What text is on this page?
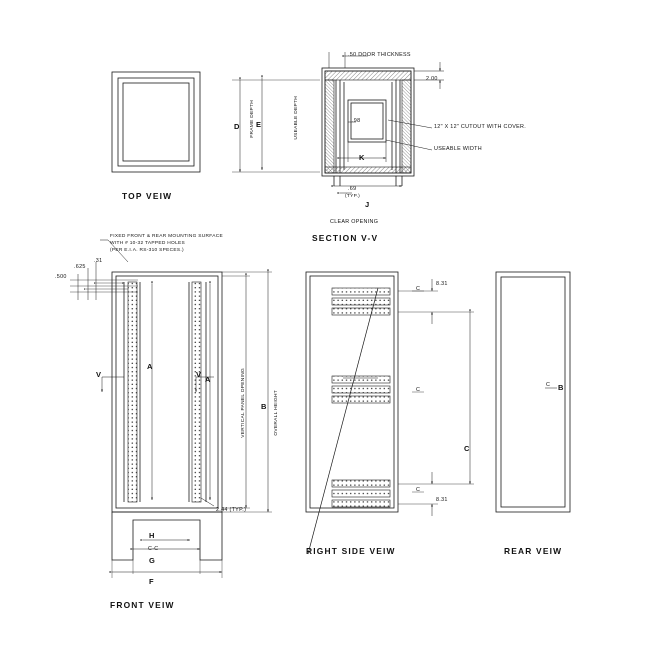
TOP VEIW
.50 DOOR THICKNESS
2.00
.98
12" X 12" CUTOUT WITH COVER.
USEABLE WIDTH
USEABLE DEPTH
FRAME DEPTH
.69
(TYP.)
CLEAR OPENING
D E
K
J
SECTION V-V
FIXED FRONT & REAR MOUNTING SURFACE
WITH # 10-32 TAPPED HOLES
(PER E.I.A. RS-310 SPECES.)
.500
.625
.31
V	V
A
A	VERTICAL PANEL OPENING	OVERALL HEIGHT
B
2.44 (TYP.)
H
C-C
G
F
FRONT VEIW
8.31
8.31
C
C
C
C
RIGHT SIDE VEIW
C B
REAR VEIW
